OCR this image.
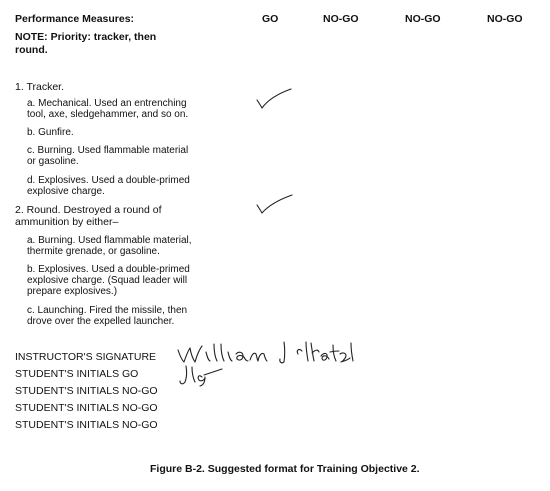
Performance Measures:	GO	NO-GO	NO-GO	NO-GO
NOTE: Priority: tracker, then
round.
1. Tracker.
a. Mechanical. Used an entrenching
tool, axe, sledgehammer, and so on.
b. Gunfire.
c. Burning. Used flammable material
or gasoline.
d. Explosives. Used a double-primed
explosive charge.
2. Round. Destroyed a round of
ammunition by either–
a. Burning. Used flammable material,
thermite grenade, or gasoline.
b. Explosives. Used a double-primed
explosive charge. (Squad leader will
prepare explosives.)
c. Launching. Fired the missile, then
drove over the expelled launcher.
INSTRUCTOR'S SIGNATURE
STUDENT'S INITIALS GO
STUDENT'S INITIALS NO-GO
STUDENT'S INITIALS NO-GO
STUDENT'S INITIALS NO-GO
Figure B-2. Suggested format for Training Objective 2.
